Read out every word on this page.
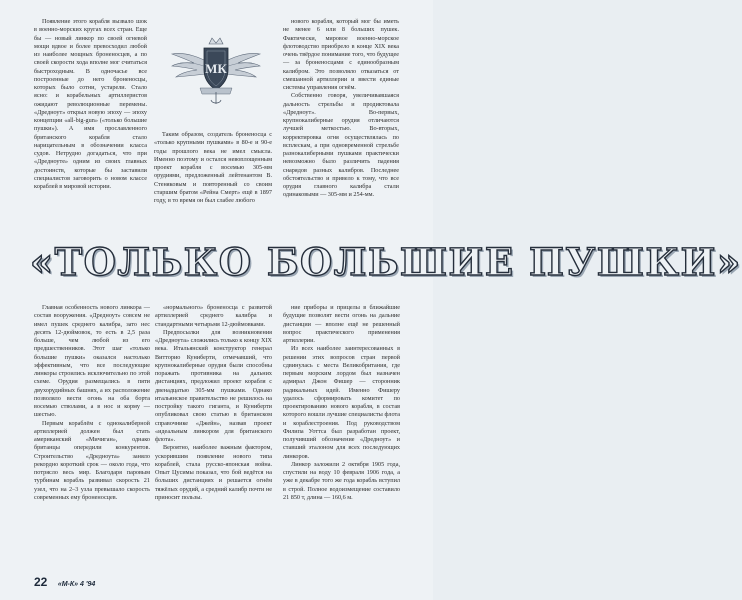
Появление этого корабля вызвало шок в военно-морских кругах всех стран. Еще бы — новый линкор по своей огневой мощи вдвое и более превосходил любой из наиболее мощных броненосцев, а по своей скорости хода вполне мог считаться быстроходным. В одночасье все построенные до него броненосцы, которых было сотни, устарели. Стало ясно: и корабельных артиллеристов ожидают революционные перемены. «Дредноут» открыл новую эпоху — эпоху концепции «all-big-gun» («только большие пушки»). А имя прославленного британского корабля стало нарицательным в обозначении класса судов. Нетрудно догадаться, что при «Дредноуте» одним из своих главных достоинств, которые бы заставили специалистов заговорить о новом классе кораблей в мировой истории.

МК

Таким образом, создатель броненосца с «только крупными пушками» в 80-е и 90-е годы прошлого века не имел смысла. Именно поэтому и остался невоплощенным проект корабля с восемью 305-мм орудиями, предложенный лейтенантом В. Стеняковым и повторенный со своим старшим братом «Рейна Смерт» ещё в 1897 году, в то время он был слабее любого

нового корабля, который мог бы иметь не менее 6 или 8 больших пушек. Фактически, мировое военно-морское флотоводство приобрело в конце XIX века очень твёрдое понимание того, что будущее — за броненосцами с единообразным калибром. Это позволяло отказаться от смешанной артиллерии и ввести единые системы управления огнём.

Собственно говоря, увеличивавшаяся дальность стрельбы и продиктовала «Дредноут». Во-первых, крупнокалиберные орудия отличаются лучшей меткостью. Во-вторых, корректировка огня осуществлялась по всплескам, а при одновременной стрельбе разнокалиберными пушками практически невозможно было различить падения снарядов разных калибров. Последнее обстоятельство и привело к тому, что все орудия главного калибра стали одинаковыми — 305-мм и 254-мм.

«ТОЛЬКО БОЛЬШИЕ ПУШКИ»

Главная особенность нового линкора — состав вооружения. «Дредноут» совсем не имел пушек среднего калибра, зато нес десять 12-дюймовок, то есть в 2,5 раза больше, чем любой из его предшественников. Этот шаг «только большие пушки» оказался настолько эффективным, что все последующие линкоры строились исключительно по этой схеме. Орудия размещались в пяти двухорудийных башнях, а их расположение позволяло вести огонь на оба борта восемью стволами, а в нос и корму — шестью.

Первым кораблём с однокалиберной артиллерией должен был стать американский «Мичиган», однако британцы опередили конкурентов. Строительство «Дредноута» заняло рекордно короткий срок — около года, что потрясло весь мир. Благодаря паровым турбинам корабль развивал скорость 21 узел, что на 2–3 узла превышало скорость современных ему броненосцев.

«нормального» броненосца с развитой артиллерией среднего калибра и стандартными четырьмя 12-дюймовками.

Предпосылки для возникновения «Дредноута» сложились только к концу XIX века. Итальянский конструктор генерал Витторио Куниберти, отмечавший, что крупнокалиберные орудия были способны поражать противника на дальних дистанциях, предложил проект корабля с двенадцатью 305-мм пушками. Однако итальянское правительство не решилось на постройку такого гиганта, и Куниберти опубликовал свою статью в британском справочнике «Джейн», назвав проект «идеальным линкором для британского флота».

Вероятно, наиболее важным фактором, ускорившим появление нового типа кораблей, стала русско-японская война. Опыт Цусимы показал, что бой ведётся на больших дистанциях и решается огнём тяжёлых орудий, а средний калибр почти не приносит пользы.

ние приборы и прицелы в ближайшие будущие позволят вести огонь на дальние дистанции — вполне ещё не решенный вопрос практического применения артиллерии.

Из всех наиболее заинтересованных в решении этих вопросов стран первой сдвинулась с места Великобритания, где первым морским лордом был назначен адмирал Джон Фишер — сторонник радикальных идей. Именно Фишеру удалось сформировать комитет по проектированию нового корабля, в состав которого вошли лучшие специалисты флота и кораблестроения. Под руководством Филипа Уоттса был разработан проект, получивший обозначение «Дредноут» и ставший эталоном для всех последующих линкоров.

Линкор заложили 2 октября 1905 года, спустили на воду 10 февраля 1906 года, а уже в декабре того же года корабль вступил в строй. Полное водоизмещение составило 21 850 т, длина — 160,6 м.

22 «М-К» 4 '94
